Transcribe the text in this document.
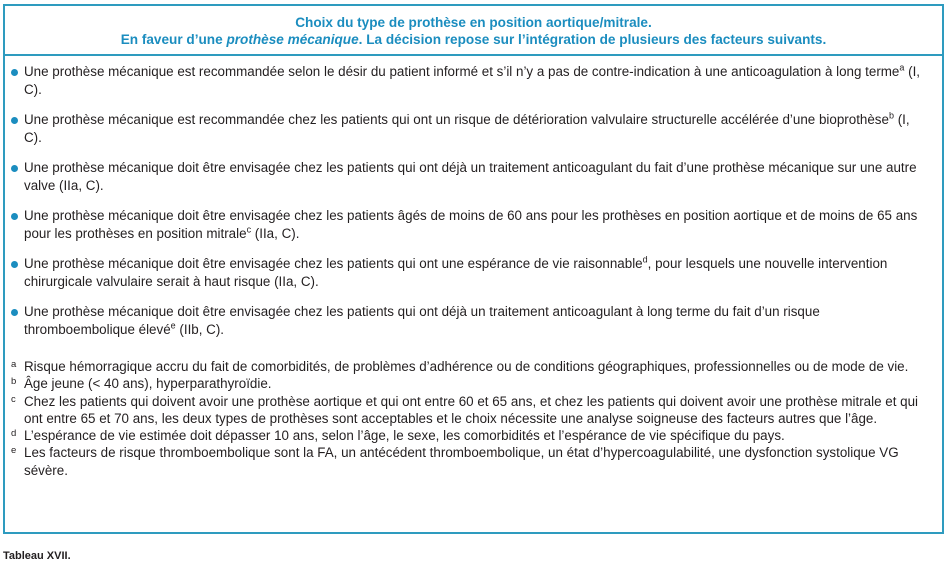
Choix du type de prothèse en position aortique/mitrale.
En faveur d’une prothèse mécanique. La décision repose sur l’intégration de plusieurs des facteurs suivants.
Une prothèse mécanique est recommandée selon le désir du patient informé et s’il n’y a pas de contre-indication à une anticoagulation à long terme$^a$ (I, C).
Une prothèse mécanique est recommandée chez les patients qui ont un risque de détérioration valvulaire structurelle accélérée d’une bioprothèse$^b$ (I, C).
Une prothèse mécanique doit être envisagée chez les patients qui ont déjà un traitement anticoagulant du fait d’une prothèse mécanique sur une autre valve (IIa, C).
Une prothèse mécanique doit être envisagée chez les patients âgés de moins de 60 ans pour les prothèses en position aortique et de moins de 65 ans pour les prothèses en position mitrale$^c$ (IIa, C).
Une prothèse mécanique doit être envisagée chez les patients qui ont une espérance de vie raisonnable$^d$, pour lesquels une nouvelle intervention chirurgicale valvulaire serait à haut risque (IIa, C).
Une prothèse mécanique doit être envisagée chez les patients qui ont déjà un traitement anticoagulant à long terme du fait d’un risque thromboembolique élevé$^e$ (IIb, C).
a Risque hémorragique accru du fait de comorbidités, de problèmes d’adhérence ou de conditions géographiques, professionnelles ou de mode de vie.
b Âge jeune (< 40 ans), hyperparathyroïdie.
c Chez les patients qui doivent avoir une prothèse aortique et qui ont entre 60 et 65 ans, et chez les patients qui doivent avoir une prothèse mitrale et qui ont entre 65 et 70 ans, les deux types de prothèses sont acceptables et le choix nécessite une analyse soigneuse des facteurs autres que l’âge.
d L’espérance de vie estimée doit dépasser 10 ans, selon l’âge, le sexe, les comorbidités et l’espérance de vie spécifique du pays.
e Les facteurs de risque thromboembolique sont la FA, un antécédent thromboembolique, un état d’hypercoagulabilité, une dysfonction systolique VG sévère.
Tableau XVII.
